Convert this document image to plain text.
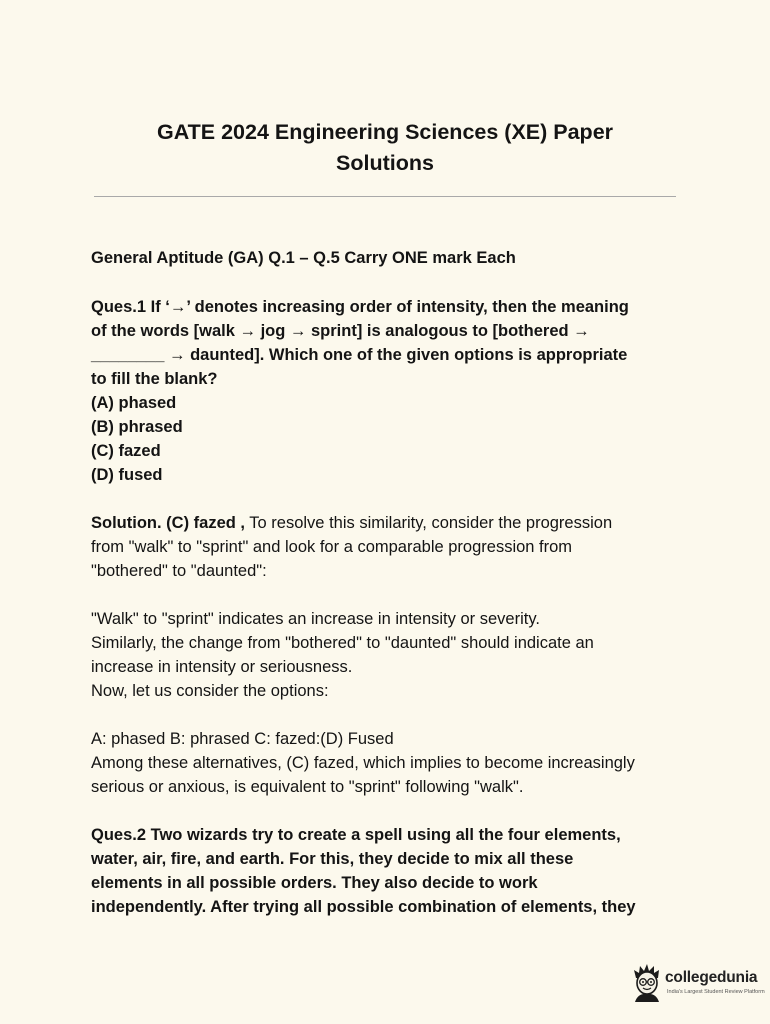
GATE 2024 Engineering Sciences (XE) Paper
Solutions
General Aptitude (GA) Q.1 – Q.5 Carry ONE mark Each
Ques.1 If ‘→’ denotes increasing order of intensity, then the meaning
of the words [walk → jog → sprint] is analogous to [bothered →
________ → daunted]. Which one of the given options is appropriate
to fill the blank?
(A) phased
(B) phrased
(C) fazed
(D) fused
Solution. (C) fazed , To resolve this similarity, consider the progression
from "walk" to "sprint" and look for a comparable progression from
"bothered" to "daunted":
"Walk" to "sprint" indicates an increase in intensity or severity.
Similarly, the change from "bothered" to "daunted" should indicate an
increase in intensity or seriousness.
Now, let us consider the options:
A: phased B: phrased C: fazed:(D) Fused
Among these alternatives, (C) fazed, which implies to become increasingly
serious or anxious, is equivalent to "sprint" following "walk".
Ques.2 Two wizards try to create a spell using all the four elements,
water, air, fire, and earth. For this, they decide to mix all these
elements in all possible orders. They also decide to work
independently. After trying all possible combination of elements, they
collegedunia
India's Largest Student Review Platform
